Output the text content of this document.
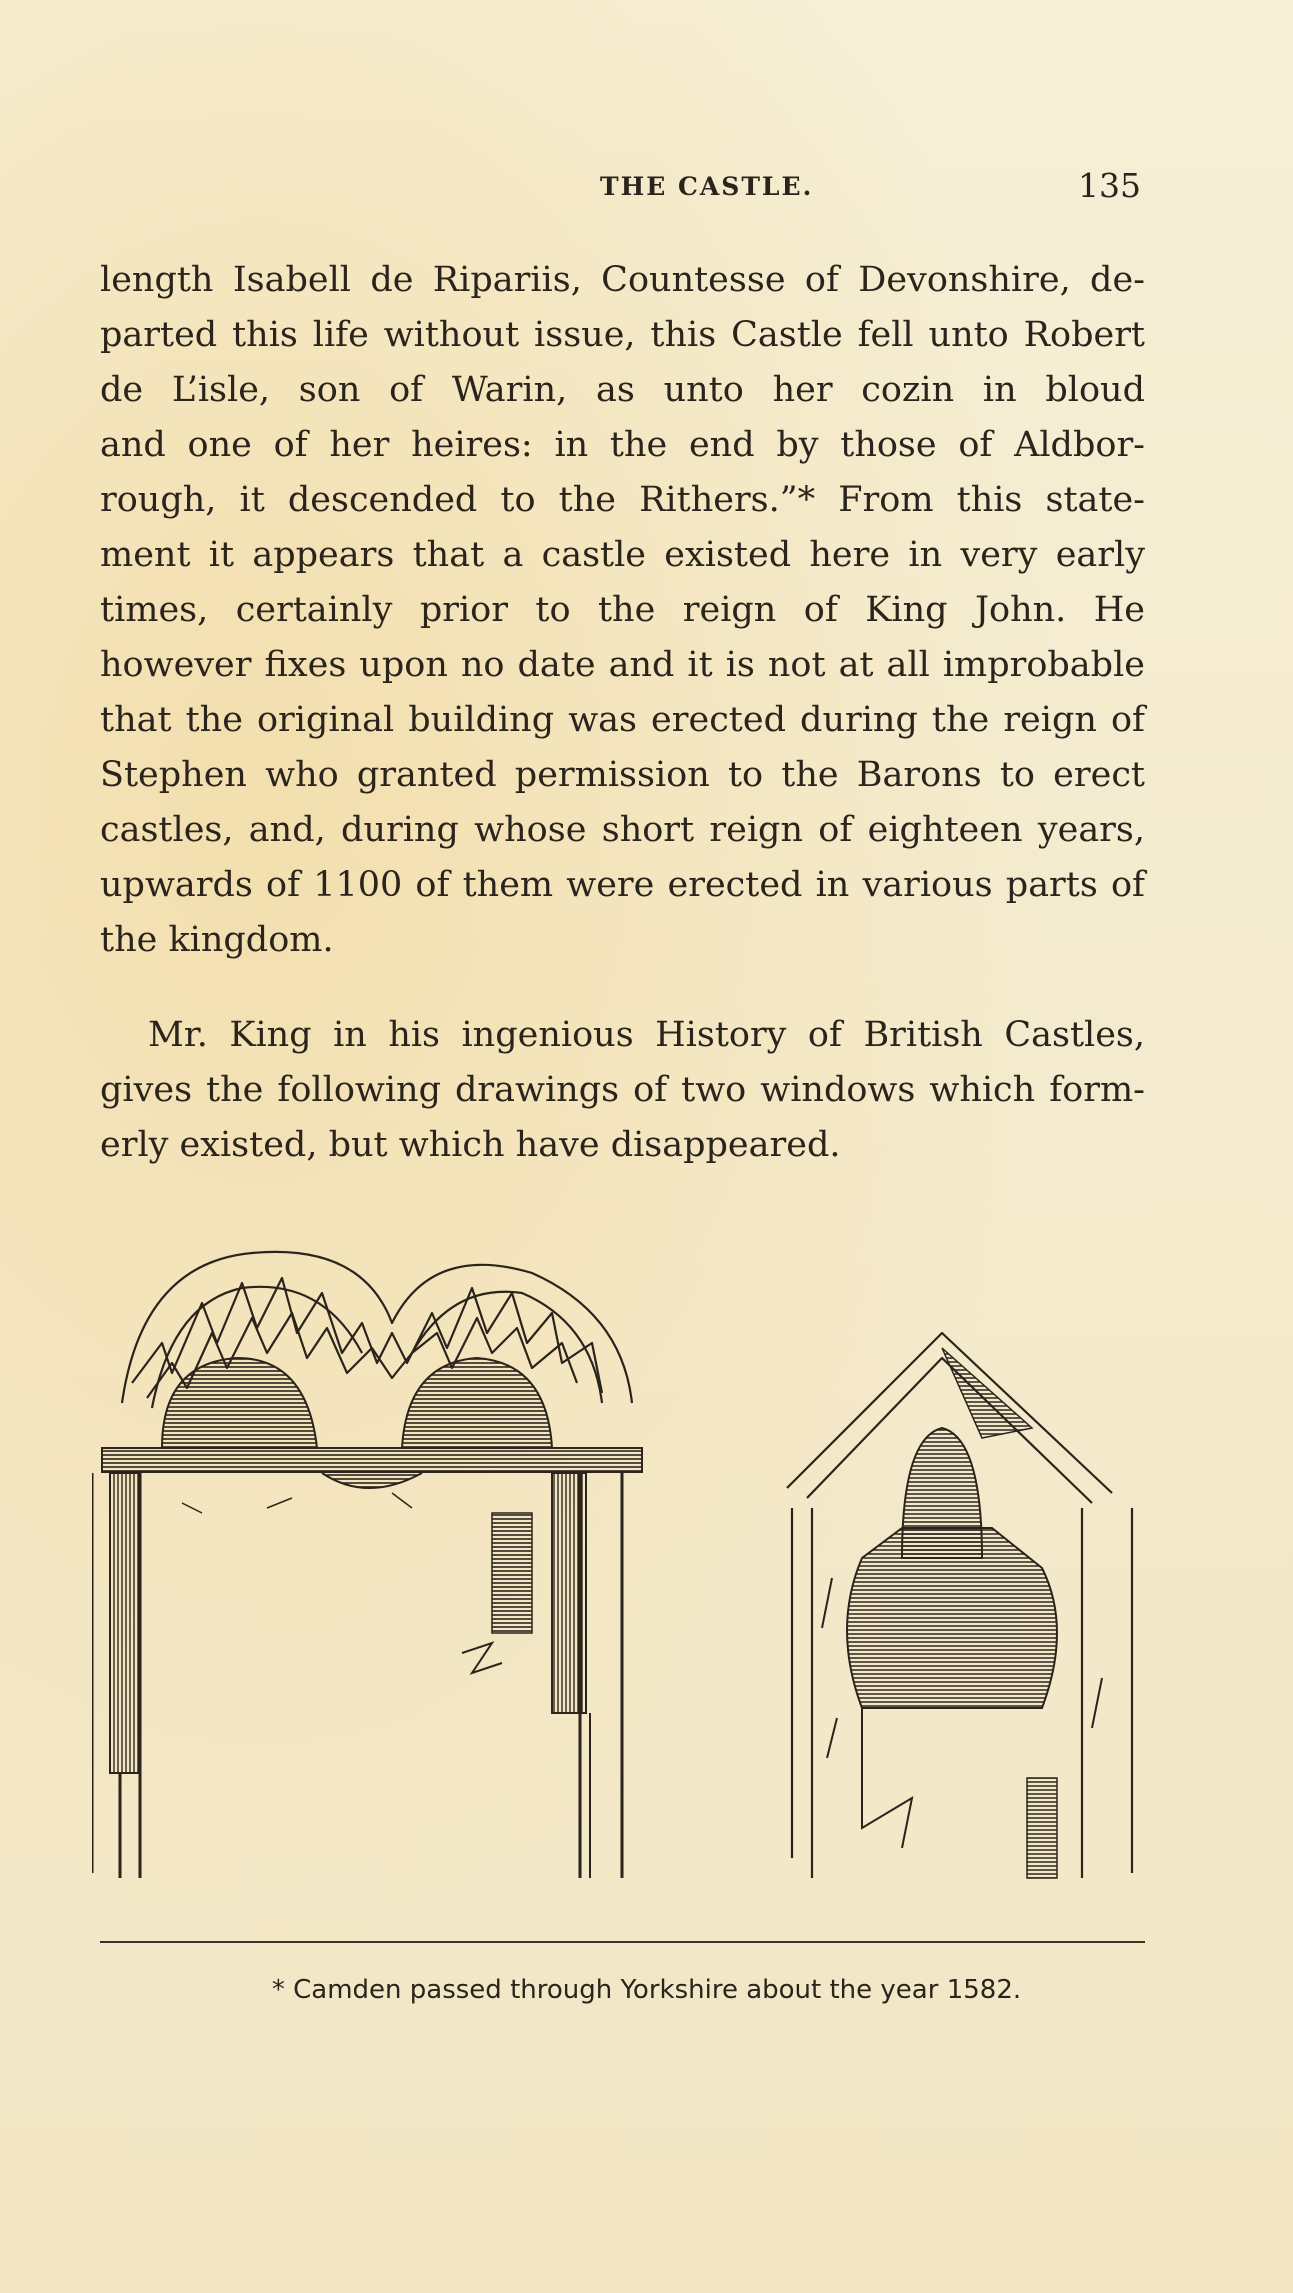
THE CASTLE.	135

length Isabell de Ripariis, Countesse of Devonshire, de-
parted this life without issue, this Castle fell unto Robert
de L’isle, son of Warin, as unto her cozin in bloud
and one of her heires: in the end by those of Aldbor-
rough, it descended to the Rithers.”* From this state-
ment it appears that a castle existed here in very early
times, certainly prior to the reign of King John. He
however fixes upon no date and it is not at all improbable
that the original building was erected during the reign of
Stephen who granted permission to the Barons to erect
castles, and, during whose short reign of eighteen years,
upwards of 1100 of them were erected in various parts of
the kingdom.

Mr. King in his ingenious History of British Castles,
gives the following drawings of two windows which form-
erly existed, but which have disappeared.

* Camden passed through Yorkshire about the year 1582.
